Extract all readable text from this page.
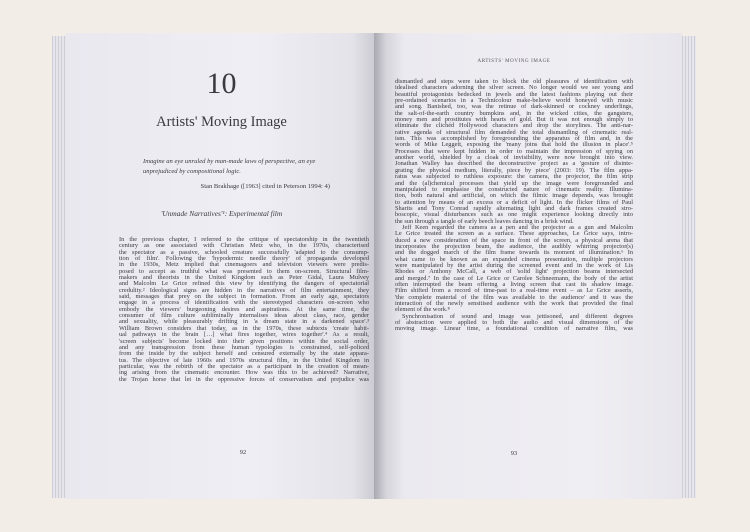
10
Artists' Moving Image
Imagine an eye unruled by man-made laws of perspective, an eye unprejudiced by compositional logic.
Stan Brakhage ([1963] cited in Peterson 1994: 4)
'Unmade Narratives'¹: Experimental film
In the previous chapter, I referred to the critique of spectatorship in the twentieth
century as one associated with Christian Metz who, in the 1970s, characterised
the spectator as a passive, schooled creature successfully 'adapted to the consump-
tion of film'. Following the 'hypodermic needle theory' of propaganda developed
in the 1930s, Metz implied that cinemagoers and television viewers were predis-
posed to accept as truthful what was presented to them on-screen. Structural film-
makers and theorists in the United Kingdom such as Peter Gidal, Laura Mulvey
and Malcolm Le Grice refined this view by identifying the dangers of spectatorial
credulity.² Ideological signs are hidden in the narratives of film entertainment, they
said, messages that prey on the subject in formation. From an early age, spectators
engage in a process of identification with the stereotyped characters on-screen who
embody the viewers' burgeoning desires and aspirations. At the same time, the
consumer of film culture subliminally internalises ideas about class, race, gender
and sexuality, while pleasurably drifting in 'a dream state in a darkened space'.³
William Brown considers that today, as in the 1970s, these subtexts 'create habit-
ual pathways in the brain […] what fires together, wires together'.⁴ As a result,
'screen subjects' become locked into their given positions within the social order,
and any transgression from these human typologies is constrained, self-policed
from the inside by the subject herself and censured externally by the state appara-
tus. The objective of late 1960s and 1970s structural film, in the United Kingdom in
particular, was the rebirth of the spectator as a participant in the creation of mean-
ing arising from the cinematic encounter. How was this to be achieved? Narrative,
the Trojan horse that let in the oppressive forces of conservatism and prejudice was
92
ARTISTS' MOVING IMAGE
dismantled and steps were taken to block the old pleasures of identification with
idealised characters adorning the silver screen. No longer would we see young and
beautiful protagonists bedecked in jewels and the latest fashions playing out their
pre-ordained scenarios in a Technicolour make-believe world honeyed with music
and song. Banished, too, was the retinue of dark-skinned or cockney underlings,
the salt-of-the-earth country bumpkins and, in the wicked cities, the gangsters,
money men and prostitutes with hearts of gold. But it was not enough simply to
eliminate the clichéd Hollywood characters and drop the storylines. The anti-nar-
rative agenda of structural film demanded the total dismantling of cinematic real-
ism. This was accomplished by foregrounding the apparatus of film and, in the
words of Mike Leggett, exposing the 'many joins that hold the illusion in place'.⁵
Processes that were kept hidden in order to maintain the impression of spying on
another world, shielded by a cloak of invisibility, were now brought into view.
Jonathan Walley has described the deconstructive project as a 'gesture of disinte-
grating the physical medium, literally, piece by piece' (2003: 19). The film appa-
ratus was subjected to ruthless exposure: the camera, the projector, the film strip
and the (al)chemical processes that yield up the image were foregrounded and
manipulated to emphasise the constructed nature of cinematic reality. Illumina-
tion, both natural and artificial, on which the filmic image depends, was brought
to attention by means of an excess or a deficit of light. In the flicker films of Paul
Sharits and Tony Conrad rapidly alternating light and dark frames created stro-
boscopic, visual disturbances such as one might experience looking directly into
the sun through a tangle of early beech leaves dancing in a brisk wind.
Jeff Keen regarded the camera as a pen and the projector as a gun and Malcolm
Le Grice treated the screen as a surface. These approaches, Le Grice says, intro-
duced a new consideration of the space in front of the screen, a physical arena that
incorporates the projection beam, the audience, the audibly whirring projector(s)
and the dogged march of the film frame towards its moment of illumination.⁶ In
what came to be known as an expanded cinema presentation, multiple projectors
were manipulated by the artist during the screened event and in the work of Lis
Rhodes or Anthony McCall, a web of 'solid light' projection beams intersected
and merged.⁷ In the case of Le Grice or Carolee Schneemann, the body of the artist
often interrupted the beam offering a living screen that cast its shadow image.
Film shifted from a record of time-past to a real-time event – as Le Grice asserts,
'the complete material of the film was available to the audience' and it was the
interaction of the newly sensitised audience with the work that provided the final
element of the work.⁸
Synchronisation of sound and image was jettisoned, and different degrees
of abstraction were applied to both the audio and visual dimensions of the
moving image. Linear time, a foundational condition of narrative film, was
93
